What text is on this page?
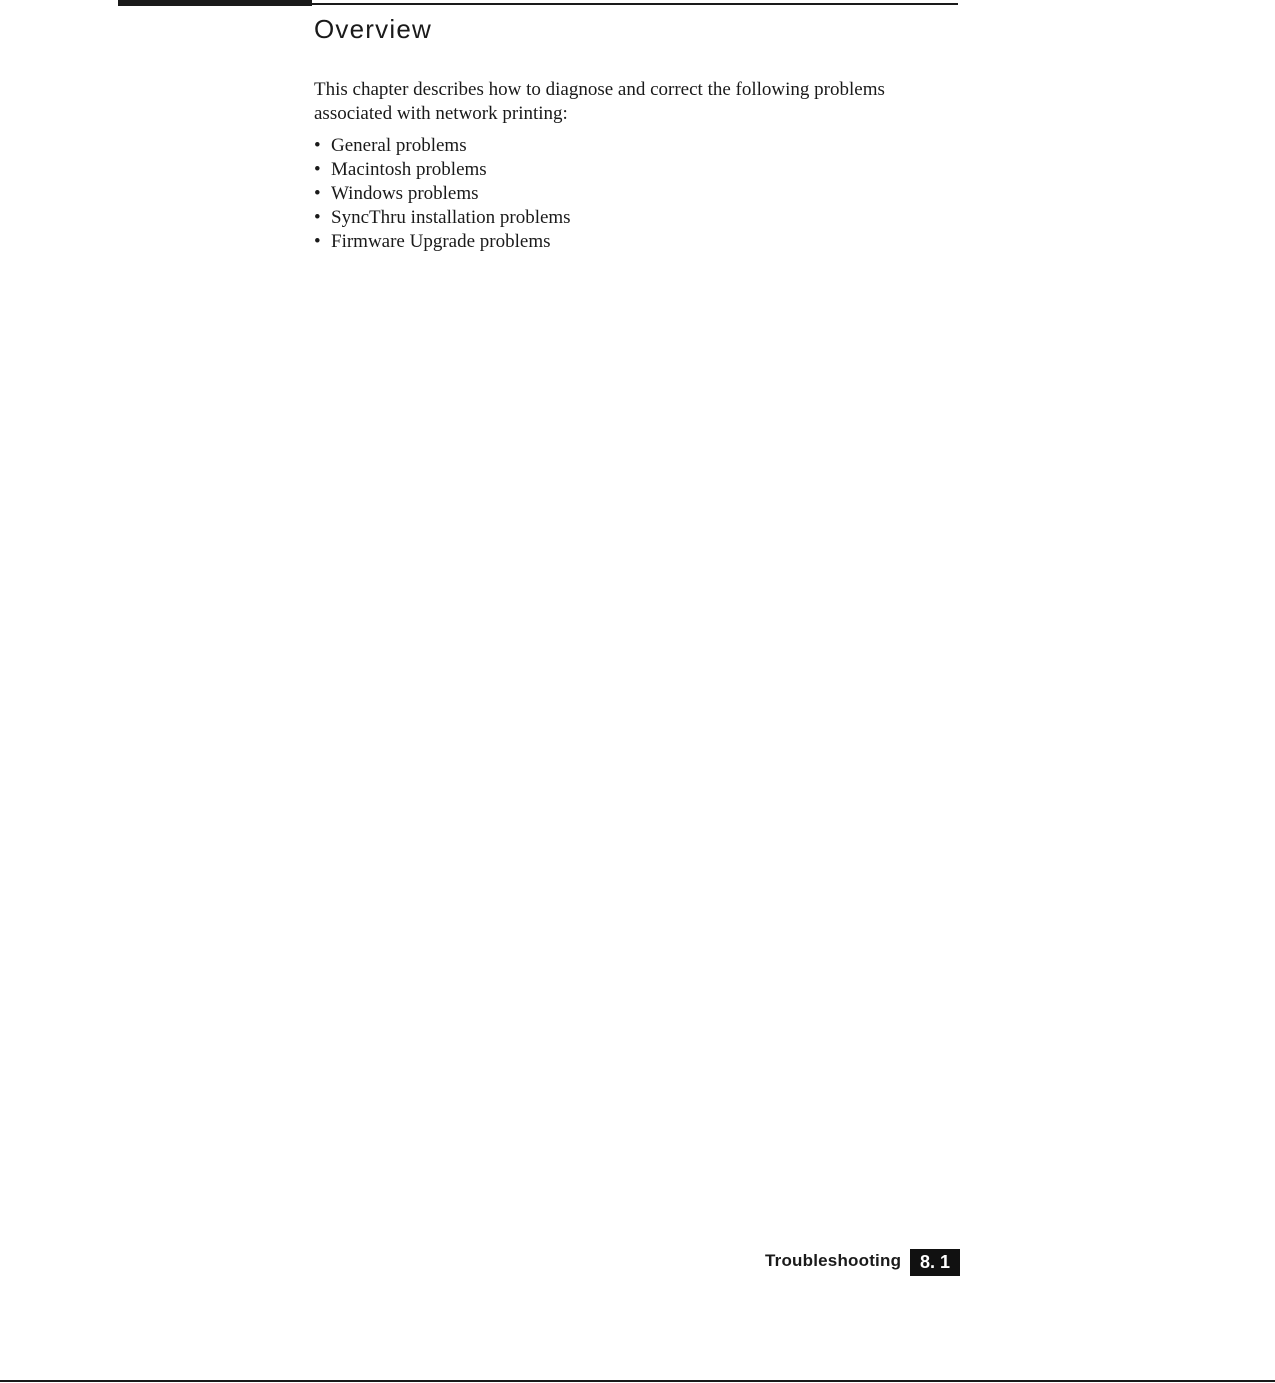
Overview

This chapter describes how to diagnose and correct the following problems associated with network printing:

• General problems
• Macintosh problems
• Windows problems
• SyncThru installation problems
• Firmware Upgrade problems
Troubleshooting	8. 1
